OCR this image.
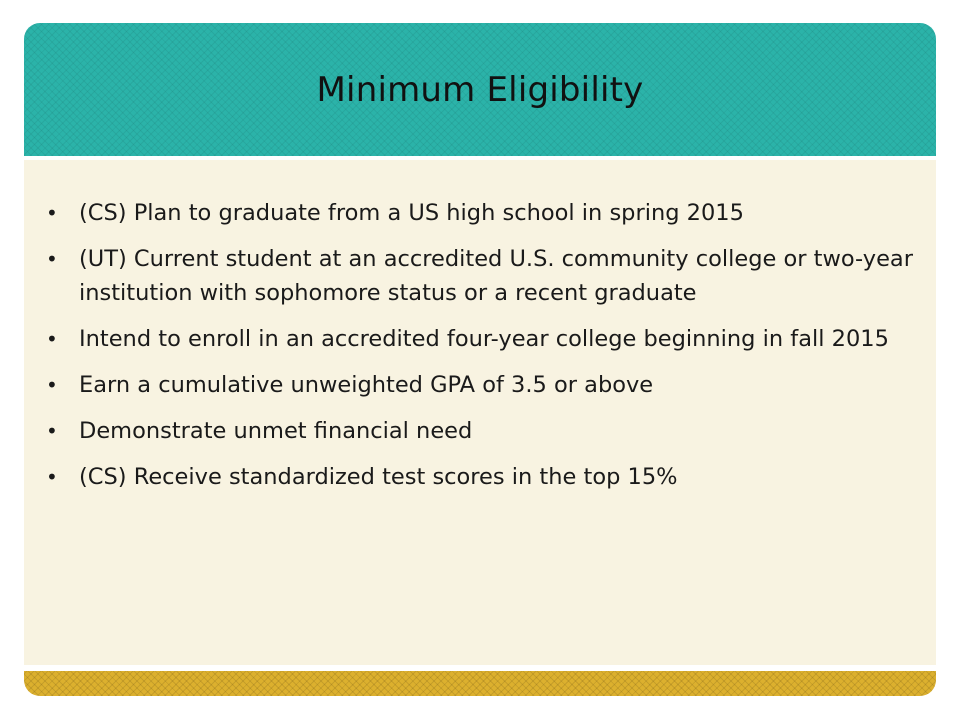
Minimum Eligibility
• (CS) Plan to graduate from a US high school in spring 2015
• (UT) Current student at an accredited U.S. community college or two-year institution with sophomore status or a recent graduate
• Intend to enroll in an accredited four-year college beginning in fall 2015
• Earn a cumulative unweighted GPA of 3.5 or above
• Demonstrate unmet financial need
• (CS) Receive standardized test scores in the top 15%
